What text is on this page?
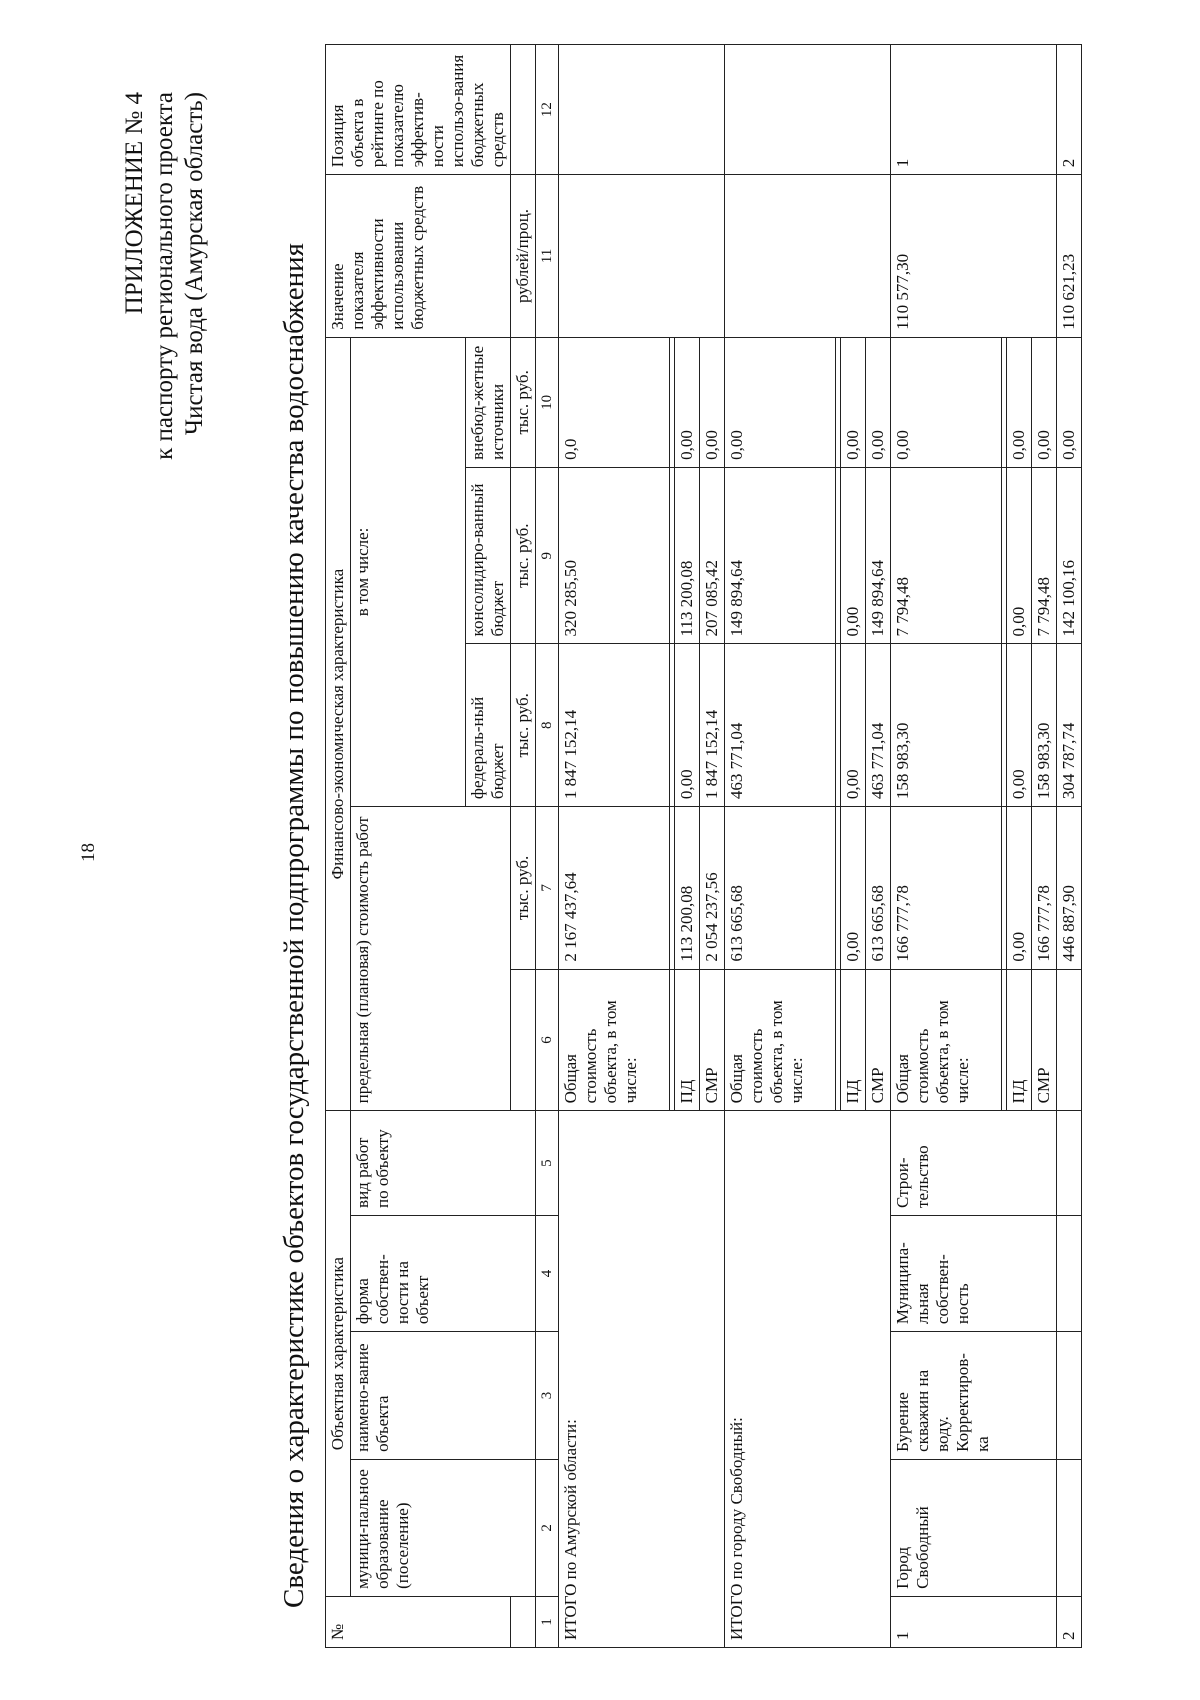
18
ПРИЛОЖЕНИЕ № 4 к паспорту регионального проекта Чистая вода (Амурская область) Сведения о характеристике объектов государственной подпрограммы по повышению качества водоснабжения
№	Объектная характеристика				Финансово-экономическая характеристика					Значение показателя эффективности использовании бюджетных средств	Позиция объекта в рейтинге по показателю эффектив-ности использо-вания бюджетных средств
	муници-пальное образование (поселение)	наимено-вание объекта	форма собствен-ности на объект	вид работ по объекту	предельная (плановая) стоимость работ		в том числе:				
							федераль-ный бюджет	консолидиро-ванный бюджет	внебюд-жетные источники		
						тыс. руб.	тыс. руб.	тыс. руб.	тыс. руб.	рублей/проц.	
1	2	3	4	5	6	7	8	9	10	11	12
ИТОГО по Амурской области:					Общая стоимость объекта, в том числе:	2 167 437,64	1 847 152,14	320 285,50	0,0		

					ПД	113 200,08	0,00	113 200,08	0,00		
					СМР	2 054 237,56	1 847 152,14	207 085,42	0,00		
ИТОГО по городу Свободный:					Общая стоимость объекта, в том числе:	613 665,68	463 771,04	149 894,64	0,00		

					ПД	0,00	0,00	0,00	0,00		
					СМР	613 665,68	463 771,04	149 894,64	0,00		
1	Город Свободный	Бурение скважин на воду. Корректиров-ка	Муниципа-льная собствен-ность	Строи-тельство	Общая стоимость объекта, в том числе:	166 777,78	158 983,30	7 794,48	0,00	110 577,30	1

					ПД	0,00	0,00	0,00	0,00		
					СМР	166 777,78	158 983,30	7 794,48	0,00		
2						446 887,90	304 787,74	142 100,16	0,00	110 621,23	2
